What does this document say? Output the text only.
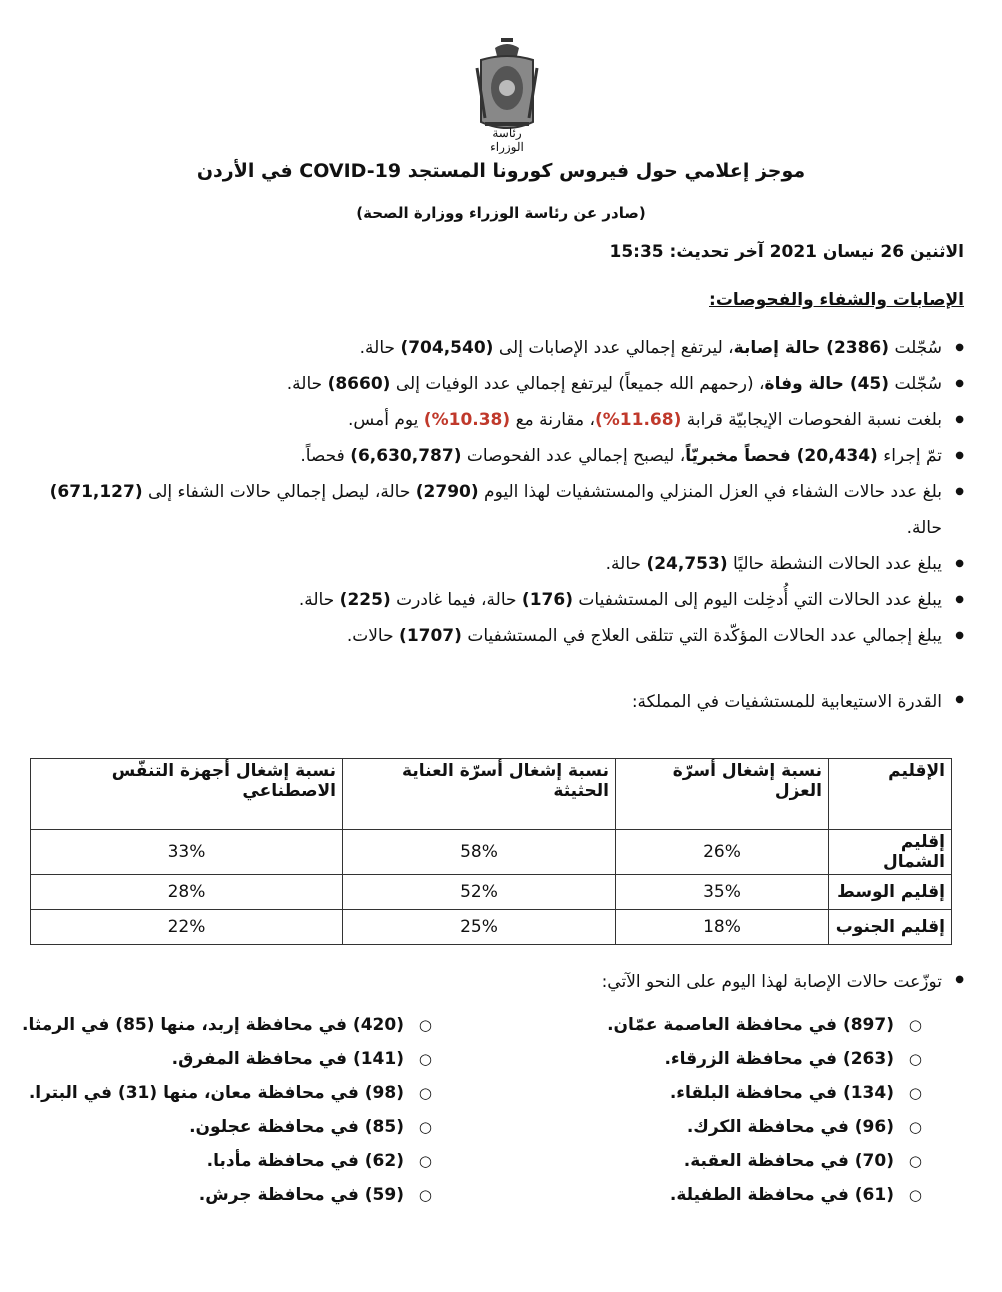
رئاسة الوزراء
موجز إعلامي حول فيروس كورونا المستجد COVID-19 في الأردن
(صادر عن رئاسة الوزراء ووزارة الصحة)
الاثنين 26 نيسان 2021 آخر تحديث: 15:35
الإصابات والشفاء والفحوصات:
● سُجّلت (2386) حالة إصابة، ليرتفع إجمالي عدد الإصابات إلى (704,540) حالة.
● سُجّلت (45) حالة وفاة، (رحمهم الله جميعاً) ليرتفع إجمالي عدد الوفيات إلى (8660) حالة.
● بلغت نسبة الفحوصات الإيجابيّة قرابة (11.68%)، مقارنة مع (10.38%) يوم أمس.
● تمّ إجراء (20,434) فحصاً مخبريّاً، ليصبح إجمالي عدد الفحوصات (6,630,787) فحصاً.
● بلغ عدد حالات الشفاء في العزل المنزلي والمستشفيات لهذا اليوم (2790) حالة، ليصل إجمالي حالات الشفاء إلى (671,127) حالة.
● يبلغ عدد الحالات النشطة حاليًا (24,753) حالة.
● يبلغ عدد الحالات التي أُدخِلت اليوم إلى المستشفيات (176) حالة، فيما غادرت (225) حالة.
● يبلغ إجمالي عدد الحالات المؤكّدة التي تتلقى العلاج في المستشفيات (1707) حالات.
●
القدرة الاستيعابية للمستشفيات في المملكة:
الإقليم	نسبة إشغال أسرّة العزل	نسبة إشغال أسرّة العناية الحثيثة	نسبة إشغال أجهزة التنفّس الاصطناعي
إقليم الشمال	26%	58%	33%
إقليم الوسط	35%	52%	28%
إقليم الجنوب	18%	25%	22%
●
توزّعت حالات الإصابة لهذا اليوم على النحو الآتي:
○ (897) في محافظة العاصمة عمّان.
○ (263) في محافظة الزرقاء.
○ (134) في محافظة البلقاء.
○ (96) في محافظة الكرك.
○ (70) في محافظة العقبة.
○ (61) في محافظة الطفيلة.
○ (420) في محافظة إربد، منها (85) في الرمثا.
○ (141) في محافظة المفرق.
○ (98) في محافظة معان، منها (31) في البترا.
○ (85) في محافظة عجلون.
○ (62) في محافظة مأدبا.
○ (59) في محافظة جرش.
